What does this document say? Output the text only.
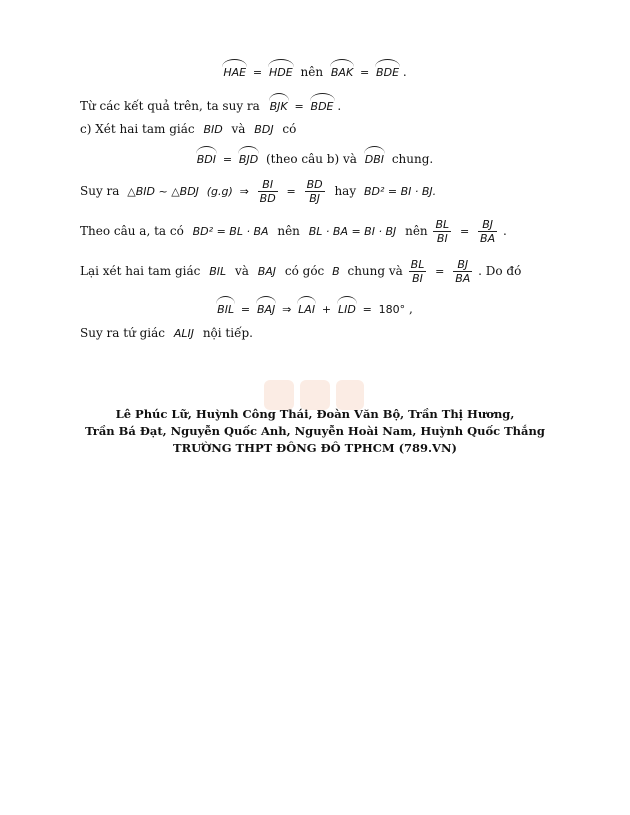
HAE = HDE nên BAK = BDE .
Từ các kết quả trên, ta suy ra BJK = BDE .
c) Xét hai tam giác BID và BDJ có
BDI = BJD (theo câu b) và DBI chung.
Suy ra △BID ~ △BDJ (g.g) ⇒ $\frac{BI}{BD} = \frac{BD}{BJ}$ hay BD² = BI · BJ.
Theo câu a, ta có BD² = BL · BA nên BL · BA = BI · BJ nên $\frac{BL}{BI} = \frac{BJ}{BA}$ .
Lại xét hai tam giác BIL và BAJ có góc B chung và $\frac{BL}{BI} = \frac{BJ}{BA}$ . Do đó
BIL = BAJ ⇒ LAI + LID = 180° ,
Suy ra tứ giác ALIJ nội tiếp.
Lê Phúc Lữ, Huỳnh Công Thái, Đoàn Văn Bộ, Trần Thị Hương,
Trần Bá Đạt, Nguyễn Quốc Anh, Nguyễn Hoài Nam, Huỳnh Quốc Thắng
TRƯỜNG THPT ĐÔNG ĐÔ TPHCM (789.VN)
